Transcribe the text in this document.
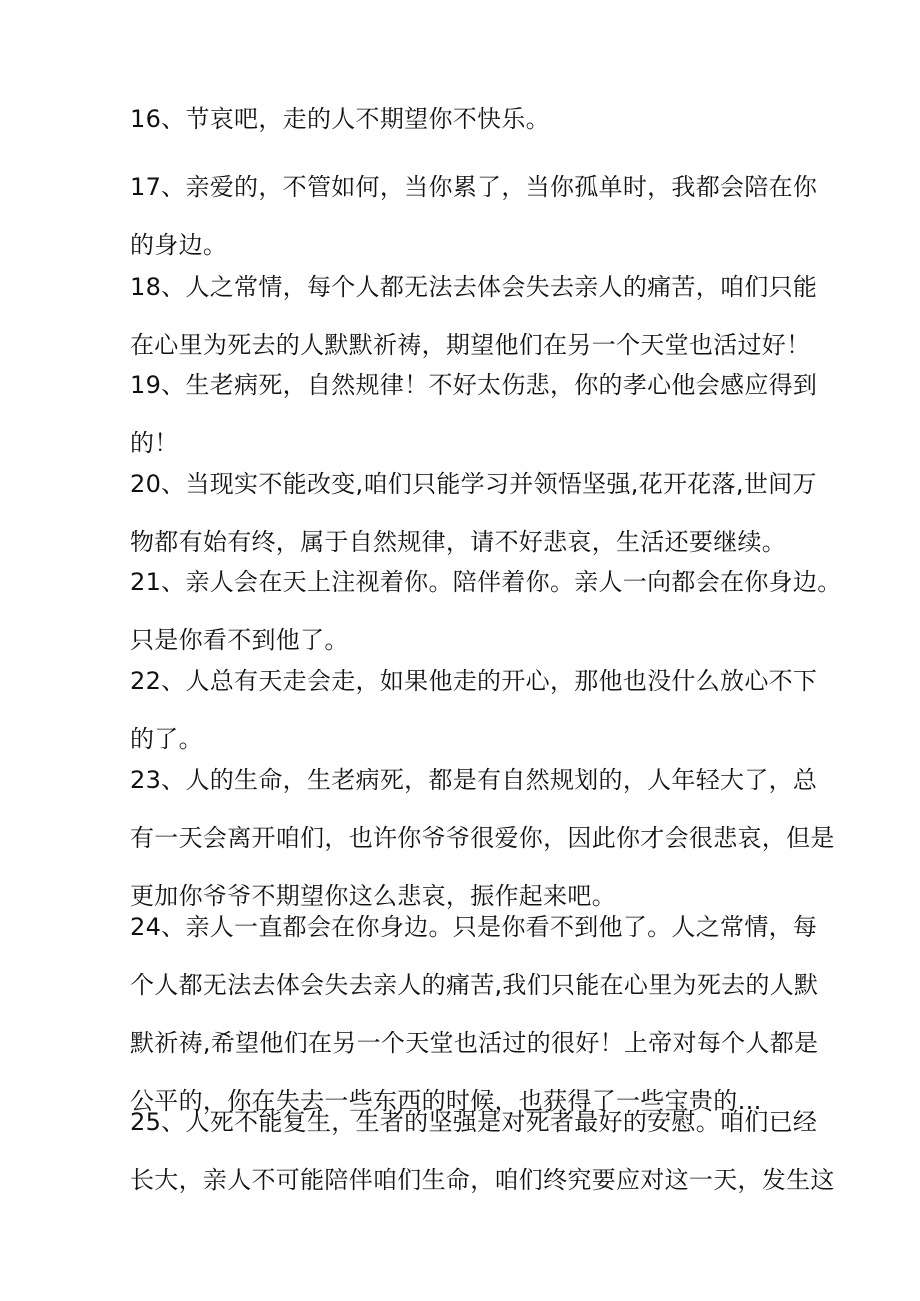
16、节哀吧，走的人不期望你不快乐。

17、亲爱的，不管如何，当你累了，当你孤单时，我都会陪在你
的身边。

18、人之常情，每个人都无法去体会失去亲人的痛苦，咱们只能
在心里为死去的人默默祈祷，期望他们在另一个天堂也活过好！

19、生老病死，自然规律！不好太伤悲，你的孝心他会感应得到
的！

20、当现实不能改变,咱们只能学习并领悟坚强,花开花落,世间万
物都有始有终，属于自然规律，请不好悲哀，生活还要继续。

21、亲人会在天上注视着你。陪伴着你。亲人一向都会在你身边。
只是你看不到他了。

22、人总有天走会走，如果他走的开心，那他也没什么放心不下
的了。

23、人的生命，生老病死，都是有自然规划的，人年轻大了，总
有一天会离开咱们，也许你爷爷很爱你，因此你才会很悲哀，但是
更加你爷爷不期望你这么悲哀，振作起来吧。

24、亲人一直都会在你身边。只是你看不到他了。人之常情，每
个人都无法去体会失去亲人的痛苦,我们只能在心里为死去的人默
默祈祷,希望他们在另一个天堂也活过的很好！上帝对每个人都是
公平的，你在失去一些东西的时候，也获得了一些宝贵的…

25、人死不能复生，生者的坚强是对死者最好的安慰。咱们已经
长大，亲人不可能陪伴咱们生命，咱们终究要应对这一天，发生这
